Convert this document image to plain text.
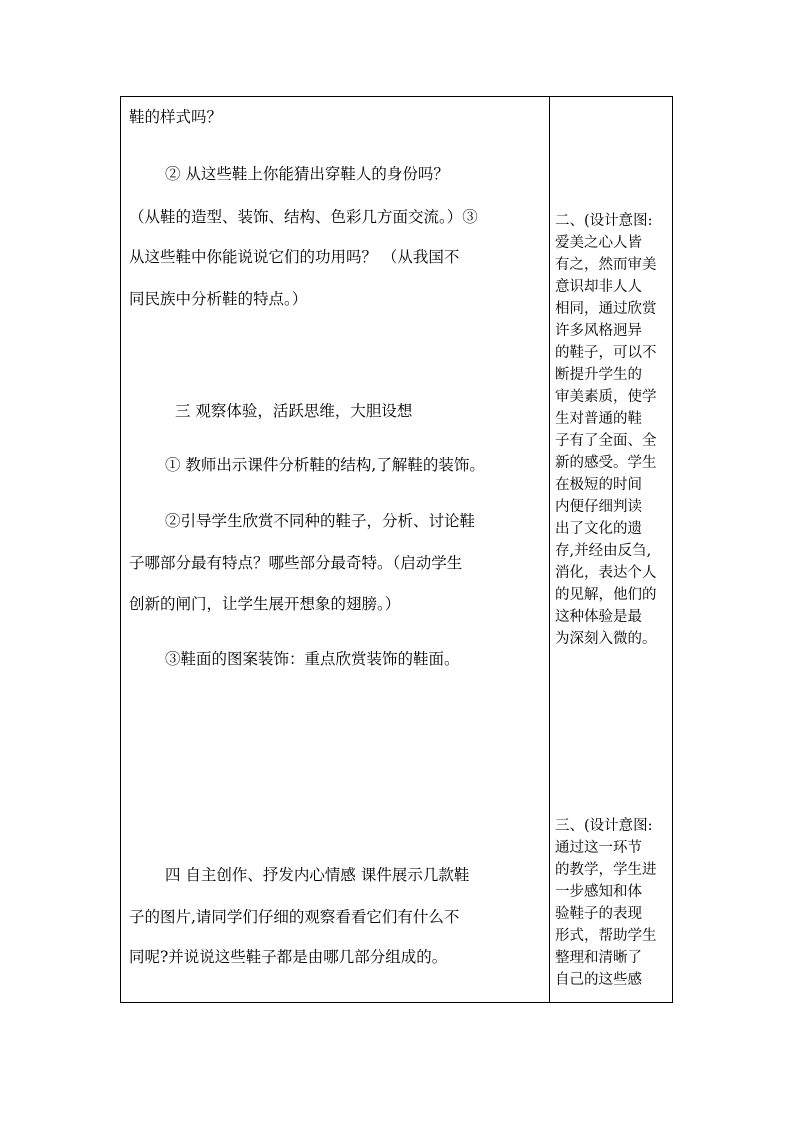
鞋的样式吗？
② 从这些鞋上你能猜出穿鞋人的身份吗？
（从鞋的造型、装饰、结构、色彩几方面交流。）③
从这些鞋中你能说说它们的功用吗？ （从我国不
同民族中分析鞋的特点。）
三 观察体验，活跃思维，大胆设想
① 教师出示课件分析鞋的结构,了解鞋的装饰。
②引导学生欣赏不同种的鞋子，分析、讨论鞋
子哪部分最有特点？哪些部分最奇特。（启动学生
创新的闸门，让学生展开想象的翅膀。）
③鞋面的图案装饰：重点欣赏装饰的鞋面。
四 自主创作、抒发内心情感 课件展示几款鞋
子的图片,请同学们仔细的观察看看它们有什么不
同呢?并说说这些鞋子都是由哪几部分组成的。
二、(设计意图:
爱美之心人皆
有之，然而审美
意识却非人人
相同，通过欣赏
许多风格迥异
的鞋子，可以不
断提升学生的
审美素质，使学
生对普通的鞋
子有了全面、全
新的感受。学生
在极短的时间
内便仔细判读
出了文化的遗
存,并经由反刍,
消化，表达个人
的见解，他们的
这种体验是最
为深刻入微的。
三、(设计意图:
通过这一环节
的教学，学生进
一步感知和体
验鞋子的表现
形式，帮助学生
整理和清晰了
自己的这些感
